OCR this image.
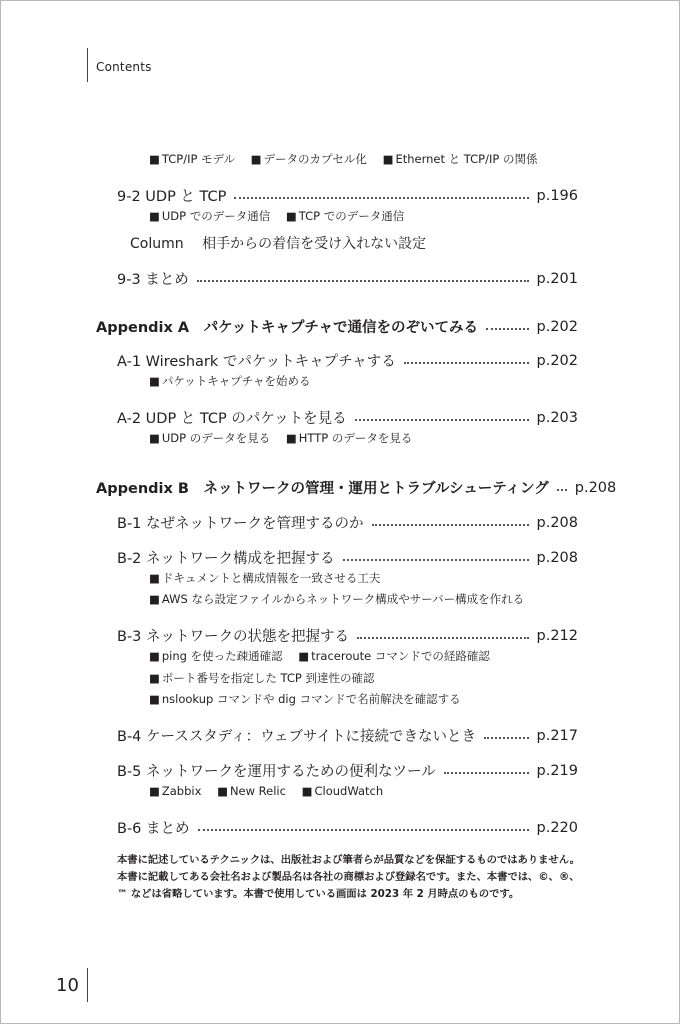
Contents
■ TCP/IP モデル ■ データのカプセル化 ■ Ethernet と TCP/IP の関係
9-2 UDP と TCP	p.196
■ UDP でのデータ通信 ■ TCP でのデータ通信
Column 相手からの着信を受け入れない設定
9-3 まとめ	p.201
Appendix A　パケットキャプチャで通信をのぞいてみる	p.202
A-1 Wireshark でパケットキャプチャする	p.202
■ パケットキャプチャを始める
A-2 UDP と TCP のパケットを見る	p.203
■ UDP のデータを見る ■ HTTP のデータを見る
Appendix B　ネットワークの管理・運用とトラブルシューティング p.208
B-1 なぜネットワークを管理するのか	p.208
B-2 ネットワーク構成を把握する	p.208
■ ドキュメントと構成情報を一致させる工夫
■ AWS なら設定ファイルからネットワーク構成やサーバー構成を作れる
B-3 ネットワークの状態を把握する	p.212
■ ping を使った疎通確認 ■ traceroute コマンドでの経路確認
■ ポート番号を指定した TCP 到達性の確認
■ nslookup コマンドや dig コマンドで名前解決を確認する
B-4 ケーススタディ：ウェブサイトに接続できないとき	p.217
B-5 ネットワークを運用するための便利なツール	p.219
■ Zabbix ■ New Relic ■ CloudWatch
B-6 まとめ	p.220

本書に記述しているテクニックは、出版社および筆者らが品質などを保証するものではありません。

本書に記載してある会社名および製品名は各社の商標および登録名です。また、本書では、©、®、

™ などは省略しています。本書で使用している画面は 2023 年 2 月時点のものです。

10
